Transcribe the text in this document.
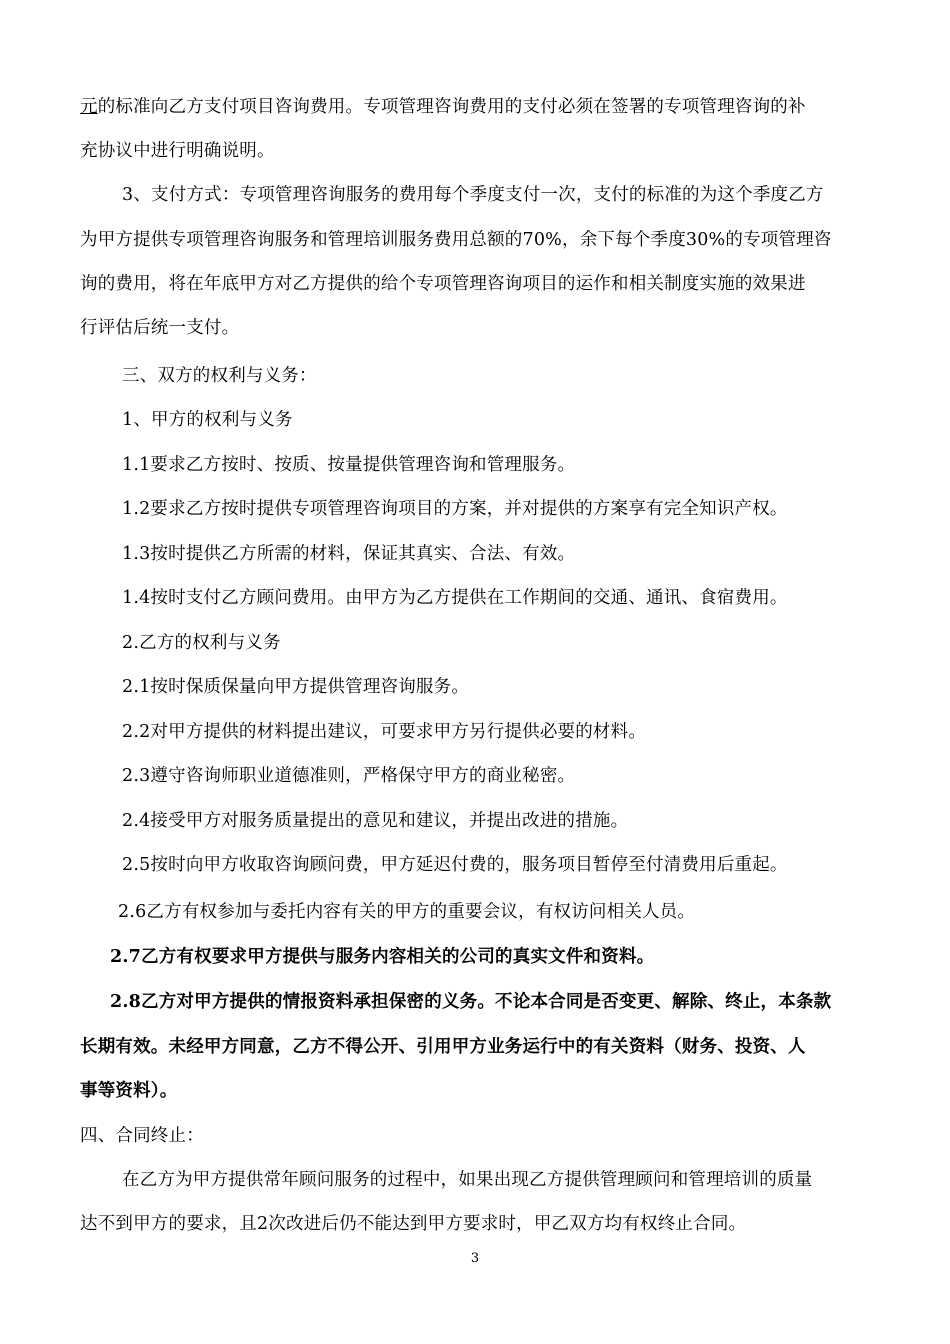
元的标准向乙方支付项目咨询费用。专项管理咨询费用的支付必须在签署的专项管理咨询的补

充协议中进行明确说明。

3、支付方式：专项管理咨询服务的费用每个季度支付一次，支付的标准的为这个季度乙方

为甲方提供专项管理咨询服务和管理培训服务费用总额的70%，余下每个季度30%的专项管理咨

询的费用，将在年底甲方对乙方提供的给个专项管理咨询项目的运作和相关制度实施的效果进

行评估后统一支付。

三、双方的权利与义务：

1、甲方的权利与义务

1.1要求乙方按时、按质、按量提供管理咨询和管理服务。

1.2要求乙方按时提供专项管理咨询项目的方案，并对提供的方案享有完全知识产权。

1.3按时提供乙方所需的材料，保证其真实、合法、有效。

1.4按时支付乙方顾问费用。由甲方为乙方提供在工作期间的交通、通讯、食宿费用。

2.乙方的权利与义务

2.1按时保质保量向甲方提供管理咨询服务。

2.2对甲方提供的材料提出建议，可要求甲方另行提供必要的材料。

2.3遵守咨询师职业道德准则，严格保守甲方的商业秘密。

2.4接受甲方对服务质量提出的意见和建议，并提出改进的措施。

2.5按时向甲方收取咨询顾问费，甲方延迟付费的，服务项目暂停至付清费用后重起。

2.6乙方有权参加与委托内容有关的甲方的重要会议，有权访问相关人员。

2.7乙方有权要求甲方提供与服务内容相关的公司的真实文件和资料。

2.8乙方对甲方提供的情报资料承担保密的义务。不论本合同是否变更、解除、终止，本条款

长期有效。未经甲方同意，乙方不得公开、引用甲方业务运行中的有关资料（财务、投资、人

事等资料）。

四、合同终止：

在乙方为甲方提供常年顾问服务的过程中，如果出现乙方提供管理顾问和管理培训的质量

达不到甲方的要求，且2次改进后仍不能达到甲方要求时，甲乙双方均有权终止合同。

3
